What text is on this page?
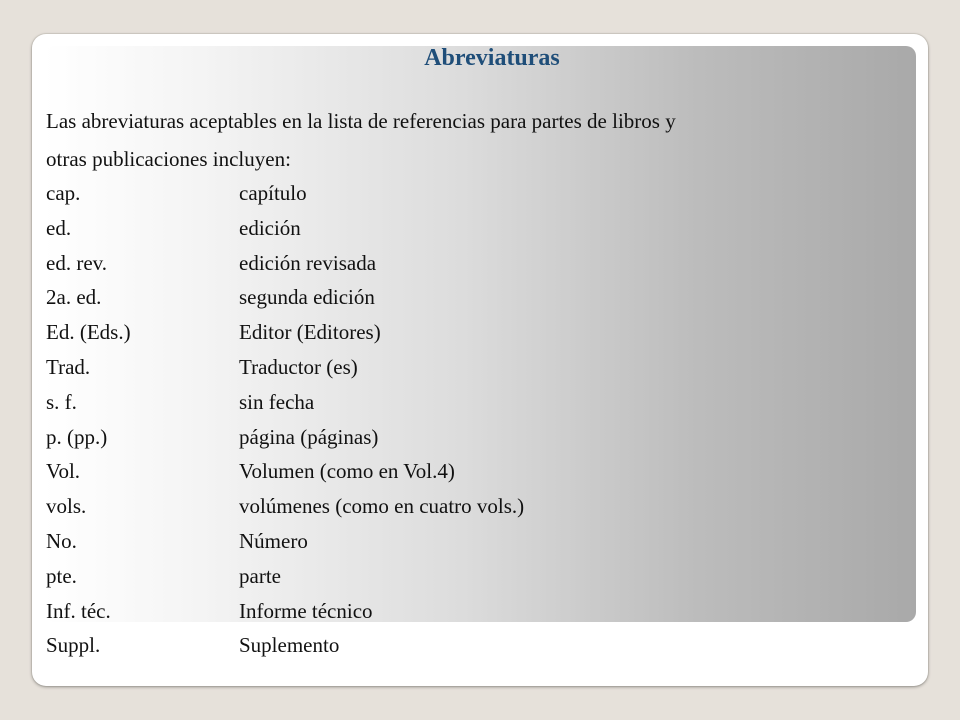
Abreviaturas
Las abreviaturas aceptables en la lista de referencias para partes de libros y
otras publicaciones incluyen:
cap.	capítulo
ed.	edición
ed. rev.	edición revisada
2a. ed.	segunda edición
Ed. (Eds.)	Editor (Editores)
Trad.	Traductor (es)
s. f.	sin fecha
p. (pp.)	página (páginas)
Vol.	Volumen (como en Vol.4)
vols.	volúmenes (como en cuatro vols.)
No.	Número
pte.	parte
Inf. téc.	Informe técnico
Suppl.	Suplemento
